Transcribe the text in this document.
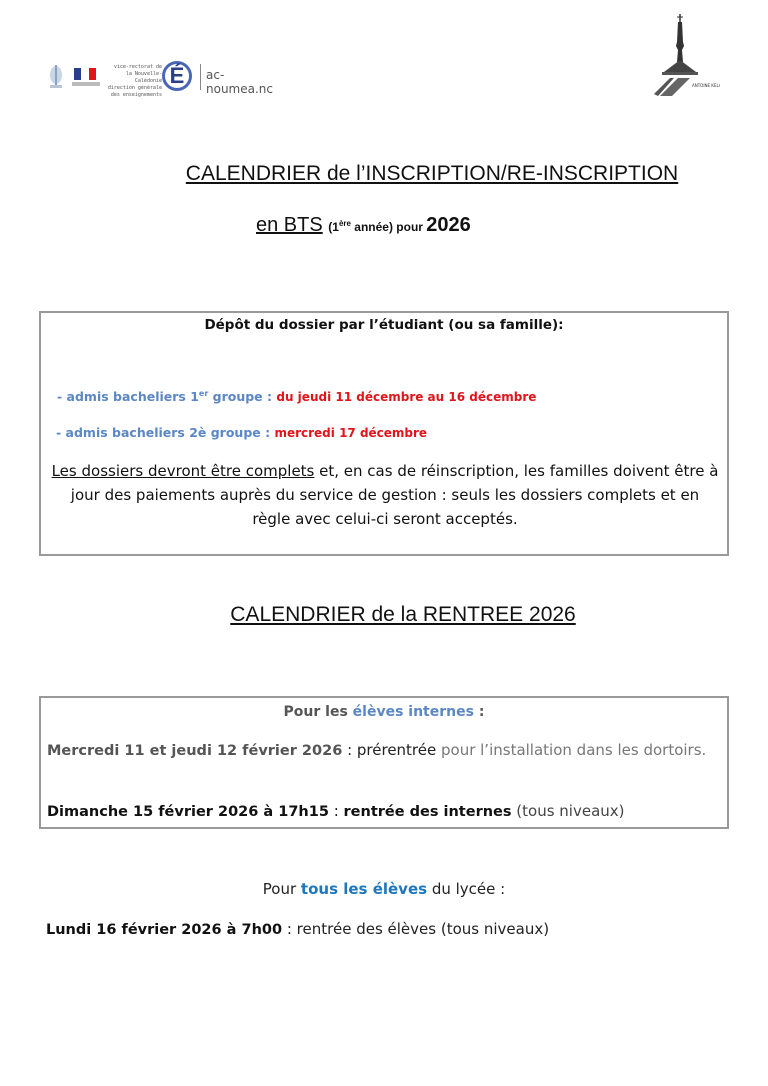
vice-rectorat de la Nouvelle-Calédonie direction générale des enseignements
É	ac-noumea.nc	ANTOINE KELA
CALENDRIER de l’INSCRIPTION/RE-INSCRIPTION
en BTS (1ère année) pour 2026
Dépôt du dossier par l’étudiant (ou sa famille):
- admis bacheliers 1er groupe : du jeudi 11 décembre au 16 décembre
- admis bacheliers 2è groupe : mercredi 17 décembre
Les dossiers devront être complets et, en cas de réinscription, les familles doivent être à jour des paiements auprès du service de gestion : seuls les dossiers complets et en règle avec celui-ci seront acceptés.
CALENDRIER de la RENTREE 2026
Pour les élèves internes :
Mercredi 11 et jeudi 12 février 2026 : prérentrée pour l’installation dans les dortoirs.
Dimanche 15 février 2026 à 17h15 : rentrée des internes (tous niveaux)
Pour tous les élèves du lycée :
Lundi 16 février 2026 à 7h00 : rentrée des élèves (tous niveaux)
